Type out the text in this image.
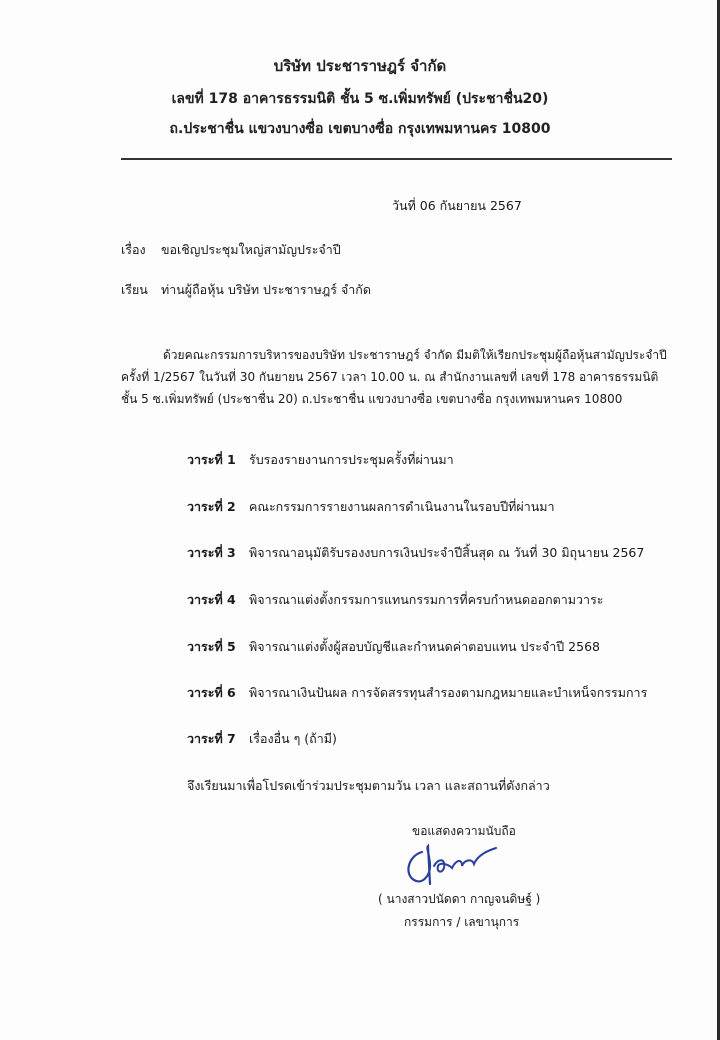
บริษัท ประชาราษฎร์ จำกัด
เลขที่ 178 อาคารธรรมนิติ ชั้น 5 ซ.เพิ่มทรัพย์ (ประชาชื่น20)
ถ.ประชาชื่น แขวงบางซื่อ เขตบางซื่อ กรุงเทพมหานคร 10800
วันที่ 06 กันยายน 2567
เรื่อง ขอเชิญประชุมใหญ่สามัญประจำปี
เรียน ท่านผู้ถือหุ้น บริษัท ประชาราษฎร์ จำกัด
ด้วยคณะกรรมการบริหารของบริษัท ประชาราษฎร์ จำกัด มีมติให้เรียกประชุมผู้ถือหุ้นสามัญประจำปี
ครั้งที่ 1/2567 ในวันที่ 30 กันยายน 2567 เวลา 10.00 น. ณ สำนักงานเลขที่ เลขที่ 178 อาคารธรรมนิติ
ชั้น 5 ซ.เพิ่มทรัพย์ (ประชาชื่น 20) ถ.ประชาชื่น แขวงบางซื่อ เขตบางซื่อ กรุงเทพมหานคร 10800
วาระที่ 1 รับรองรายงานการประชุมครั้งที่ผ่านมา
วาระที่ 2 คณะกรรมการรายงานผลการดำเนินงานในรอบปีที่ผ่านมา
วาระที่ 3 พิจารณาอนุมัติรับรองงบการเงินประจำปีสิ้นสุด ณ วันที่ 30 มิถุนายน 2567
วาระที่ 4 พิจารณาแต่งตั้งกรรมการแทนกรรมการที่ครบกำหนดออกตามวาระ
วาระที่ 5 พิจารณาแต่งตั้งผู้สอบบัญชีและกำหนดค่าตอบแทน ประจำปี 2568
วาระที่ 6 พิจารณาเงินปันผล การจัดสรรทุนสำรองตามกฎหมายและบำเหน็จกรรมการ
วาระที่ 7 เรื่องอื่น ๆ (ถ้ามี)
จึงเรียนมาเพื่อโปรดเข้าร่วมประชุมตามวัน เวลา และสถานที่ดังกล่าว
ขอแสดงความนับถือ
( นางสาวปนัดดา กาญจนดิษฐ์ )
กรรมการ / เลขานุการ
